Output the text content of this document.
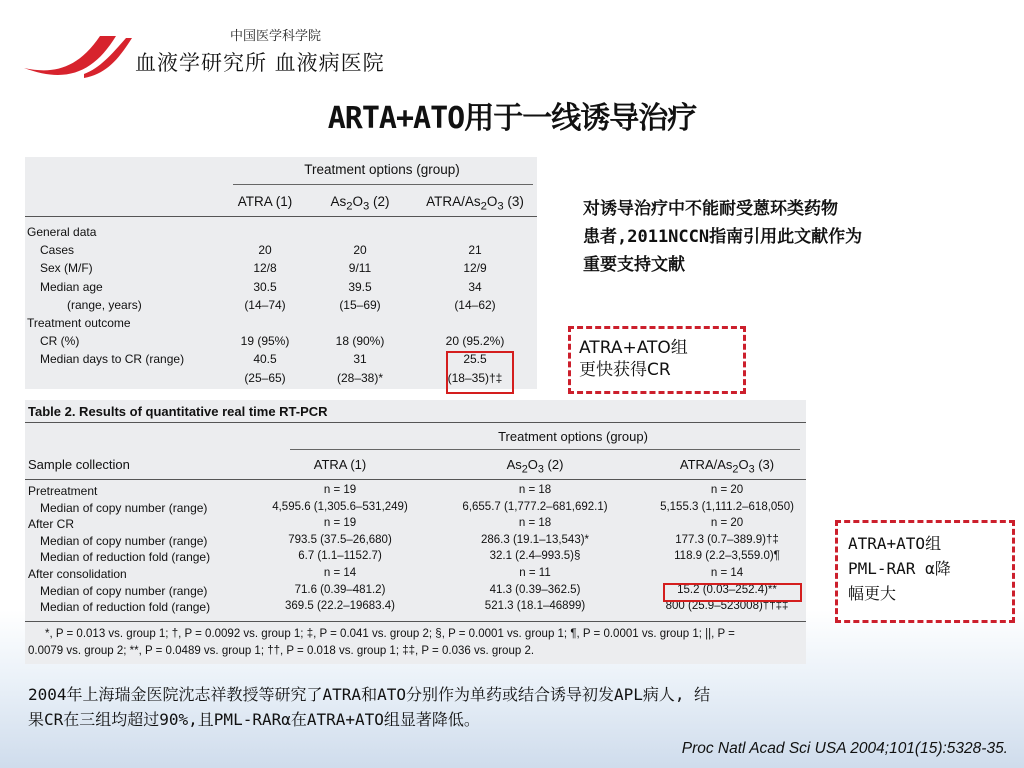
中国医学科学院
血液学研究所 血液病医院
ARTA+ATO用于一线诱导治疗
Treatment options (group)
ATRA (1)	$As_2O_3$ (2)	ATRA/$As_2O_3$ (3)
General data
Cases	20	20	21
Sex (M/F)	12/8	9/11	12/9
Median age	30.5	39.5	34
(range, years)	(14–74)	(15–69)	(14–62)
Treatment outcome
CR (%)	19 (95%)	18 (90%)	20 (95.2%)
Median days to CR (range)	40.5	31	25.5
(25–65)	(28–38)*	(18–35)†‡
Table 2. Results of quantitative real time RT-PCR
Treatment options (group)
Sample collection	ATRA (1)	$As_2O_3$ (2)	ATRA/$As_2O_3$ (3)
Pretreatment	n = 19	n = 18	n = 20
Median of copy number (range)	4,595.6 (1,305.6–531,249)	6,655.7 (1,777.2–681,692.1)	5,155.3 (1,111.2–618,050)
After CR	n = 19	n = 18	n = 20
Median of copy number (range)	793.5 (37.5–26,680)	286.3 (19.1–13,543)*	177.3 (0.7–389.9)†‡
Median of reduction fold (range)	6.7 (1.1–1152.7)	32.1 (2.4–993.5)§	118.9 (2.2–3,559.0)¶
After consolidation	n = 14	n = 11	n = 14
Median of copy number (range)	71.6 (0.39–481.2)	41.3 (0.39–362.5)	15.2 (0.03–252.4)**
Median of reduction fold (range)	369.5 (22.2–19683.4)	521.3 (18.1–46899)	800 (25.9–523008)††‡‡
*, P = 0.013 vs. group 1; †, P = 0.0092 vs. group 1; ‡, P = 0.041 vs. group 2; §, P = 0.0001 vs. group 1; ¶, P = 0.0001 vs. group 1; ||, P =
0.0079 vs. group 2; **, P = 0.0489 vs. group 1; ††, P = 0.018 vs. group 1; ‡‡, P = 0.036 vs. group 2.
对诱导治疗中不能耐受蒽环类药物
患者,2011NCCN指南引用此文献作为
重要支持文献
ATRA+ATO组
更快获得CR
ATRA+ATO组
PML-RAR α降
幅更大
2004年上海瑞金医院沈志祥教授等研究了ATRA和ATO分别作为单药或结合诱导初发APL病人, 结
果CR在三组均超过90%,且PML-RARα在ATRA+ATO组显著降低。
Proc Natl Acad Sci USA 2004;101(15):5328-35.
